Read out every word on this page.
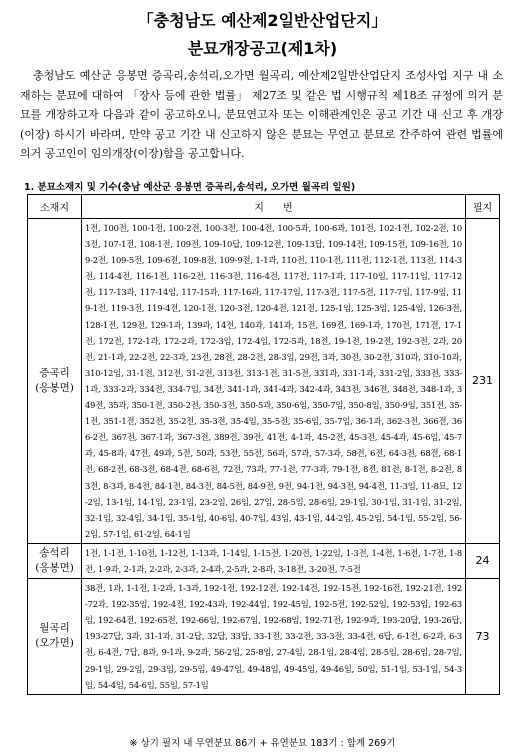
「충청남도 예산제2일반산업단지」
분묘개장공고(제1차)

충청남도 예산군 응봉면 증곡리,송석리,오가면 월곡리, 예산제2일반산업단지 조성사업 지구 내 소재하는 분묘에 대하여 「장사 등에 관한 법률」 제27조 및 같은 법 시행규칙 제18조 규정에 의거 분묘를 개장하고자 다음과 같이 공고하오니, 분묘연고자 또는 이해관계인은 공고 기간 내 신고 후 개장(이장) 하시기 바라며, 만약 공고 기간 내 신고하지 않은 분묘는 무연고 분묘로 간주하여 관련 법률에 의거 공고인이 임의개장(이장)함을 공고합니다.

1. 분묘소재지 및 기수(충남 예산군 응봉면 증곡리,송석리, 오가면 월곡리 일원)
소재지	지      번	필지
증곡리
(응봉면)	1전, 100전, 100-1전, 100-2전, 100-3전, 100-4전, 100-5과, 100-6과, 101전, 102-1전, 102-2전, 103전, 107-1전, 108-1전, 109전, 109-10답, 109-12전, 109-13답, 109-14전, 109-15전, 109-16전, 109-2전, 109-5전, 109-6전, 109-8전, 109-9전, 1-1과, 110전, 110-1전, 111전, 112-1전, 113전, 114-3전, 114-4전, 116-1전, 116-2전, 116-3전, 116-4전, 117전, 117-1과, 117-10임, 117-11임, 117-12전, 117-13과, 117-14임, 117-15과, 117-16과, 117-17임, 117-3전, 117-5전, 117-7임, 117-9임, 119-1전, 119-3전, 119-4전, 120-1전, 120-3전, 120-4전, 121전, 125-1임, 125-3임, 125-4임, 126-3전, 128-1전, 129전, 129-1과, 139과, 14전, 140과, 141과, 15전, 169전, 169-1과, 170전, 171전, 17-1전, 172전, 172-1과, 172-2과, 172-3임, 172-4임, 172-5과, 18전, 19-1전, 19-2전, 192-3전, 2과, 20전, 21-1과, 22-2전, 22-3과, 23전, 28전, 28-2전, 28-3임, 29전, 3과, 30전, 30-2전, 310과, 310-10과, 310-12임, 31-1전, 312전, 31-2전, 313전, 313-1전, 31-5전, 331과, 331-1과, 331-2임, 333전, 333-1과, 333-2과, 334전, 334-7임, 34전, 341-1과, 341-4과, 342-4과, 343전, 346전, 348전, 348-1과, 349전, 35과, 350-1전, 350-2전, 350-3전, 350-5과, 350-6임, 350-7임, 350-8임, 350-9임, 351전, 35-1전, 351-1전, 352전, 35-2전, 35-3전, 35-4임, 35-5전, 35-6임, 35-7임, 36-1과, 362-3전, 366전, 366-2전, 367전, 367-1과, 367-3전, 389전, 39전, 41전, 4-1과, 45-2전, 45-3전, 45-4과, 45-6임, 45-7과, 45-8과, 47전, 49과, 5전, 50과, 53전, 55전, 56과, 57과, 57-3과, 58전, 6전, 64-3전, 68전, 68-1전, 68-2전, 68-3전, 68-4전, 68-6전, 72전, 73과, 77-1전, 77-3과, 79-1전, 8전, 81전, 8-1전, 8-2전, 83전, 8-3과, 8-4전, 84-1전, 84-3전, 84-5전, 84-9전, 9전, 94-1전, 94-3전, 94-4전, 11-3임, 11-8묘, 12-2임, 13-1임, 14-1임, 23-1임, 23-2임, 26임, 27임, 28-5임, 28-6임, 29-1임, 30-1임, 31-1임, 31-2임, 32-1임, 32-4임, 34-1임, 35-1임, 40-6임, 40-7임, 43임, 43-1임, 44-2임, 45-2임, 54-1임, 55-2임, 56-2임, 57-1임, 61-2임, 64-1임	231
송석리
(응봉면)	1전, 1-1전, 1-10전, 1-12전, 1-13과, 1-14임, 1-15전, 1-20전, 1-22임, 1-3전, 1-4전, 1-6전, 1-7전, 1-8전, 1-9과, 2-1과, 2-2과, 2-3과, 2-4과, 2-5과, 2-8과, 3-18전, 3-20전, 7-5전	24
월곡리
(오가면)	38전, 1과, 1-1전, 1-2과, 1-3과, 192-1전, 192-12전, 192-14전, 192-15전, 192-16전, 192-21전, 192-72과, 192-35임, 192-4전, 192-43과, 192-44임, 192-45임, 192-5전, 192-52임, 192-53임, 192-63임, 192-64전, 192-65전, 192-66임, 192-67임, 192-68임, 192-71전, 192-9과, 193-20답, 193-26답, 193-27답, 3과, 31-1과, 31-2답, 32답, 33답, 33-1전, 33-2전, 33-3전, 33-4전, 6답, 6-1전, 6-2과, 6-3전, 6-4전, 7답, 8과, 9-1과, 9-2과, 56-2임, 25-8임, 27-4임, 28-1임, 28-4임, 28-5임, 28-6임, 28-7임, 29-1임, 29-2임, 29-3임, 29-5임, 49-47임, 49-48임, 49-45임, 49-46임, 50임, 51-1임, 53-1임, 54-3임, 54-4임, 54-6임, 55임, 57-1임	73
※ 상기 필지 내 무연분묘 86기 + 유연분묘 183기 : 합계 269기
